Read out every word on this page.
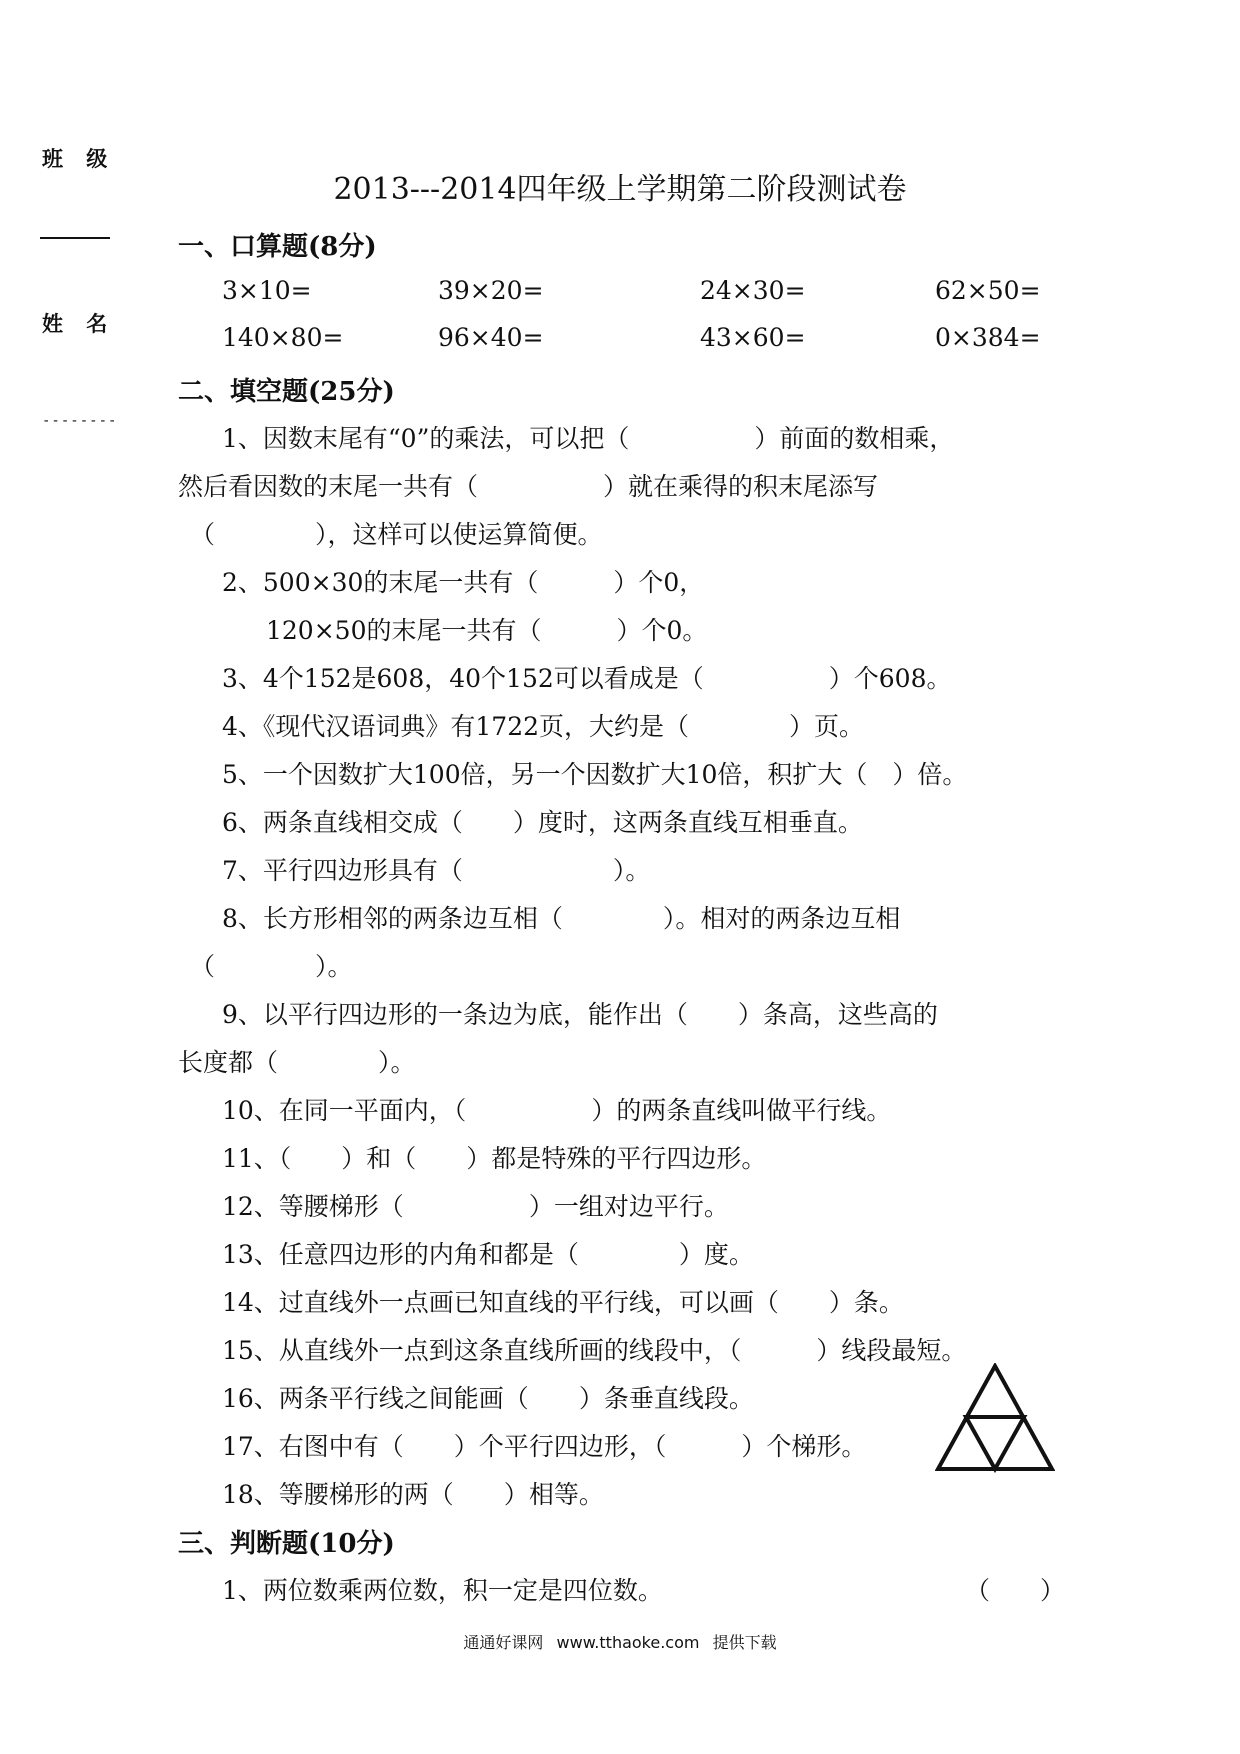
班 级
姓 名
--------
2013---2014四年级上学期第二阶段测试卷
一、口算题(8分)
3×10=	39×20=	24×30=	62×50=
140×80=	96×40=	43×60=	0×384=
二、填空题(25分)
1、因数末尾有“0”的乘法，可以把（　　　　　）前面的数相乘，
然后看因数的末尾一共有（　　　　　）就在乘得的积末尾添写
（　　　　），这样可以使运算简便。
2、500×30的末尾一共有（　　　）个0，
120×50的末尾一共有（　　　）个0。
3、4个152是608，40个152可以看成是（　　　　　）个608。
4、《现代汉语词典》有1722页，大约是（　　　　）页。
5、一个因数扩大100倍，另一个因数扩大10倍，积扩大（　）倍。
6、两条直线相交成（　　）度时，这两条直线互相垂直。
7、平行四边形具有（　　　　　　）。
8、长方形相邻的两条边互相（　　　　）。相对的两条边互相
（　　　　）。
9、以平行四边形的一条边为底，能作出（　　）条高，这些高的
长度都（　　　　）。
10、在同一平面内，（　　　　　）的两条直线叫做平行线。
11、（　　）和（　　）都是特殊的平行四边形。
12、等腰梯形（　　　　　）一组对边平行。
13、任意四边形的内角和都是（　　　　）度。
14、过直线外一点画已知直线的平行线，可以画（　　）条。
15、从直线外一点到这条直线所画的线段中，（　　　）线段最短。
16、两条平行线之间能画（　　）条垂直线段。
17、右图中有（　　）个平行四边形，（　　　）个梯形。
18、等腰梯形的两（　　）相等。
三、判断题(10分)
1、两位数乘两位数，积一定是四位数。	（　　）
通通好课网 www.tthaoke.com 提供下载
